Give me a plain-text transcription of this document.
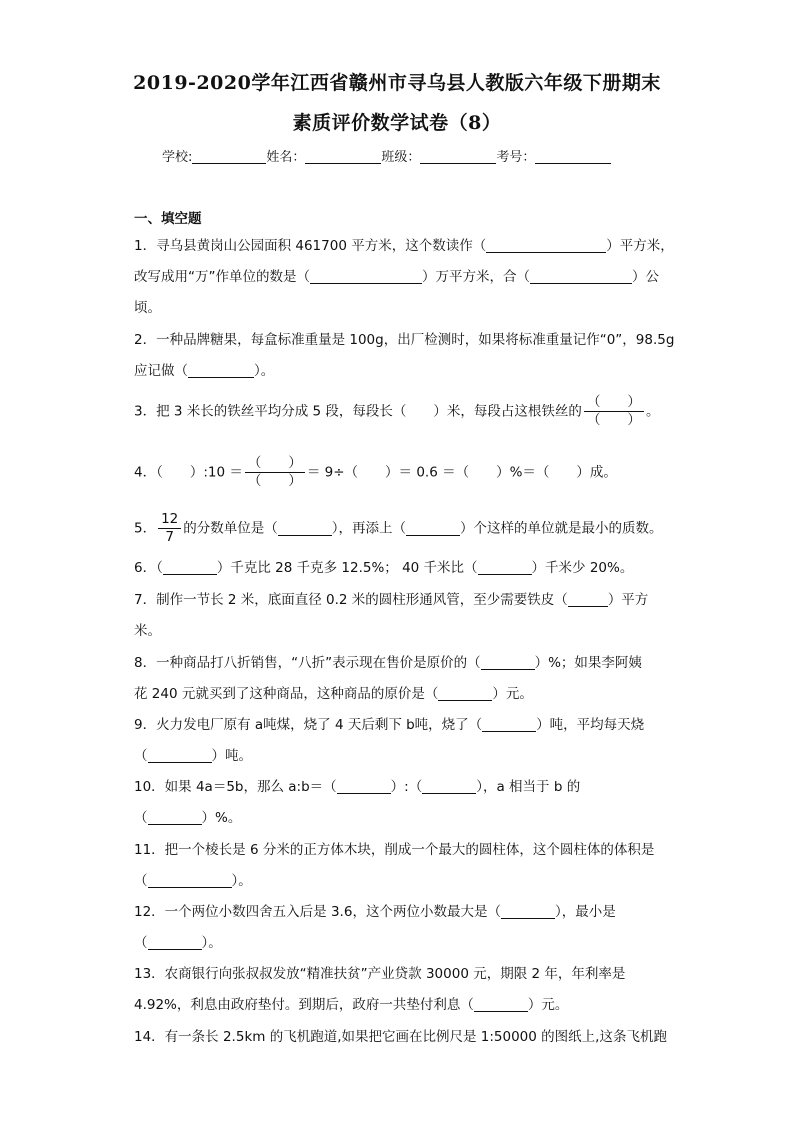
2019-2020学年江西省赣州市寻乌县人教版六年级下册期末
素质评价数学试卷（8）
学校:	姓名：	班级：	考号：
一、填空题
1．寻乌县黄岗山公园面积 461700 平方米，这个数读作（	）平方米，
改写成用“万”作单位的数是（	）万平方米，合（	）公
顷。
2．一种品牌糖果，每盒标准重量是 100g，出厂检测时，如果将标准重量记作“0”，98.5g
应记做（	）。
3．把 3 米长的铁丝平均分成 5 段，每段长（　　）米，每段占这根铁丝的 $\frac{( )}{( )}$ 。
4．（　　）:10 ＝ $\frac{( )}{( )} = 9\div$（　　）＝ 0.6 ＝（　　）%＝（　　）成。
5． $\frac{12}{7}$ 的分数单位是（	），再添上（	）个这样的单位就是最小的质数。
6．（	）千克比 28 千克多 12.5%； 40 千米比（	）千米少 20%。
7．制作一节长 2 米，底面直径 0.2 米的圆柱形通风管，至少需要铁皮（	）平方
米。
8．一种商品打八折销售，“八折”表示现在售价是原价的（	）%；如果李阿姨
花 240 元就买到了这种商品，这种商品的原价是（	）元。
9．火力发电厂原有 a吨煤，烧了 4 天后剩下 b吨，烧了（	）吨，平均每天烧
（	）吨。
10．如果 4a＝5b，那么 a:b＝（	）:（	），a 相当于 b 的
（	）%。
11．把一个棱长是 6 分米的正方体木块，削成一个最大的圆柱体，这个圆柱体的体积是
（	）。
12．一个两位小数四舍五入后是 3.6，这个两位小数最大是（	），最小是
（	）。
13．农商银行向张叔叔发放“精准扶贫”产业贷款 30000 元，期限 2 年，年利率是
4.92%，利息由政府垫付。到期后，政府一共垫付利息（	）元。
14．有一条长 2.5km 的飞机跑道,如果把它画在比例尺是 1:50000 的图纸上,这条飞机跑
